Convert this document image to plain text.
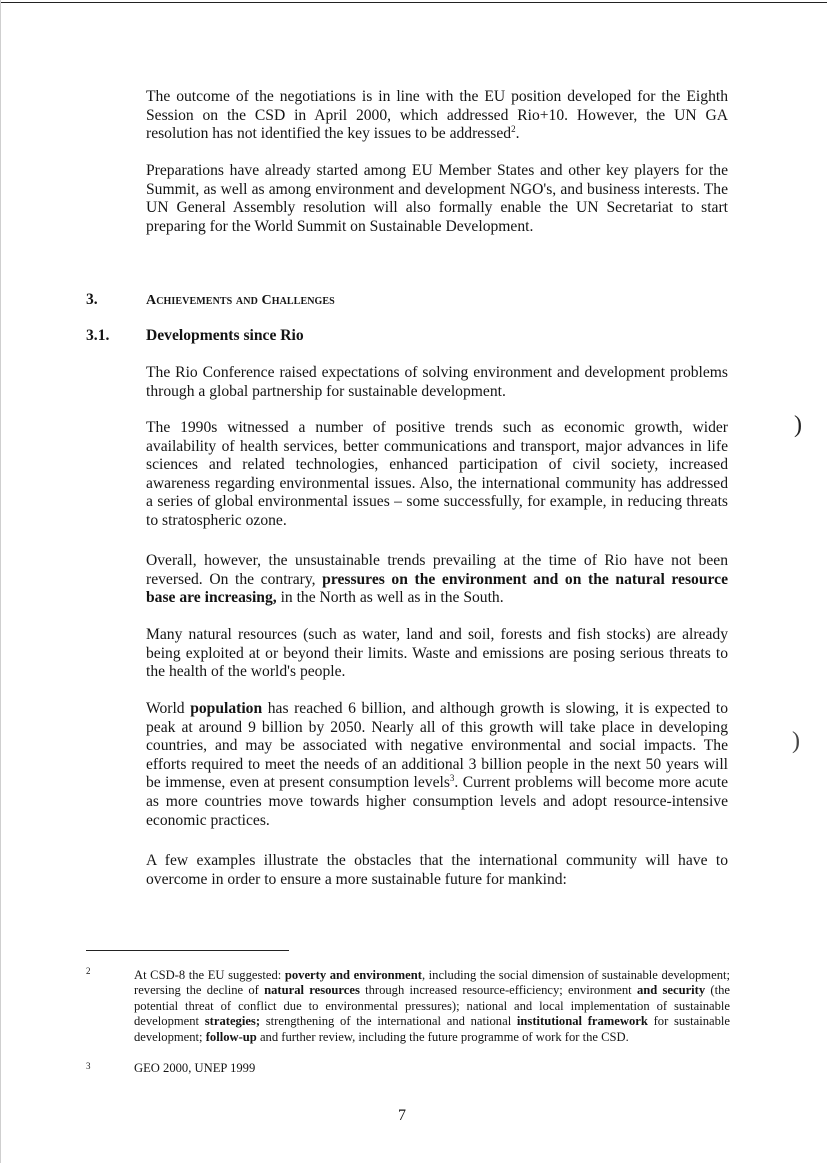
The outcome of the negotiations is in line with the EU position developed for the Eighth Session on the CSD in April 2000, which addressed Rio+10. However, the UN GA resolution has not identified the key issues to be addressed$^2$.

Preparations have already started among EU Member States and other key players for the Summit, as well as among environment and development NGO's, and business interests. The UN General Assembly resolution will also formally enable the UN Secretariat to start preparing for the World Summit on Sustainable Development.

3.	Achievements and Challenges
3.1. Developments since Rio

The Rio Conference raised expectations of solving environment and development problems through a global partnership for sustainable development.

The 1990s witnessed a number of positive trends such as economic growth, wider availability of health services, better communications and transport, major advances in life sciences and related technologies, enhanced participation of civil society, increased awareness regarding environmental issues. Also, the international community has addressed a series of global environmental issues – some successfully, for example, in reducing threats to stratospheric ozone.

Overall, however, the unsustainable trends prevailing at the time of Rio have not been reversed. On the contrary, pressures on the environment and on the natural resource base are increasing, in the North as well as in the South.

Many natural resources (such as water, land and soil, forests and fish stocks) are already being exploited at or beyond their limits. Waste and emissions are posing serious threats to the health of the world's people.

World population has reached 6 billion, and although growth is slowing, it is expected to peak at around 9 billion by 2050. Nearly all of this growth will take place in developing countries, and may be associated with negative environmental and social impacts. The efforts required to meet the needs of an additional 3 billion people in the next 50 years will be immense, even at present consumption levels$^3$. Current problems will become more acute as more countries move towards higher consumption levels and adopt resource-intensive economic practices.

A few examples illustrate the obstacles that the international community will have to overcome in order to ensure a more sustainable future for mankind:

2	At CSD-8 the EU suggested: poverty and environment, including the social dimension of sustainable development; reversing the decline of natural resources through increased resource-efficiency; environment and security (the potential threat of conflict due to environmental pressures); national and local implementation of sustainable development strategies; strengthening of the international and national institutional framework for sustainable development; follow-up and further review, including the future programme of work for the CSD.

3	GEO 2000, UNEP 1999

7
)
)
